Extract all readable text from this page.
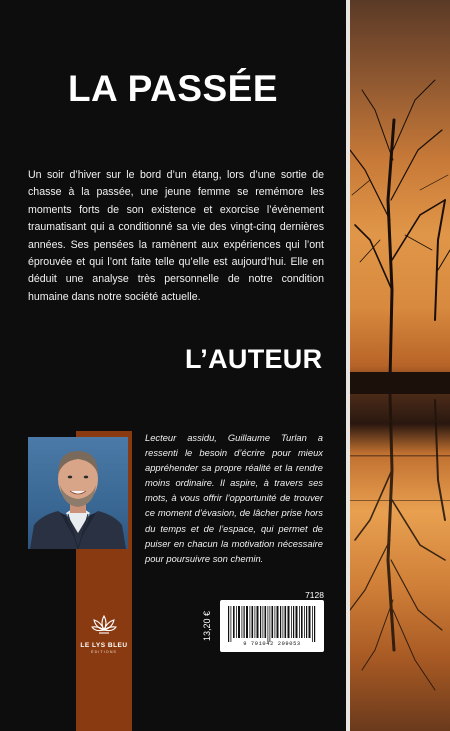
LA PASSÉE

Un soir d’hiver sur le bord d’un étang, lors d’une sortie de chasse à la passée, une jeune femme se remémore les moments forts de son existence et exorcise l’évènement traumatisant qui a conditionné sa vie des vingt-cinq dernières années. Ses pensées la ramènent aux expériences qui l’ont éprouvée et qui l’ont faite telle qu’elle est aujourd’hui. Elle en déduit une analyse très personnelle de notre condition humaine dans notre société actuelle.

L’AUTEUR

Lecteur assidu, Guillaume Turlan a ressenti le besoin d’écrire pour mieux appréhender sa propre réalité et la rendre moins ordinaire. Il aspire, à travers ses mots, à vous offrir l’opportunité de trouver ce moment d’évasion, de lâcher prise hors du temps et de l’espace, qui permet de puiser en chacun la motivation nécessaire pour poursuivre son chemin.

LE LYS BLEU
ÉDITIONS
7128
13,20 €
9 791042 209053
